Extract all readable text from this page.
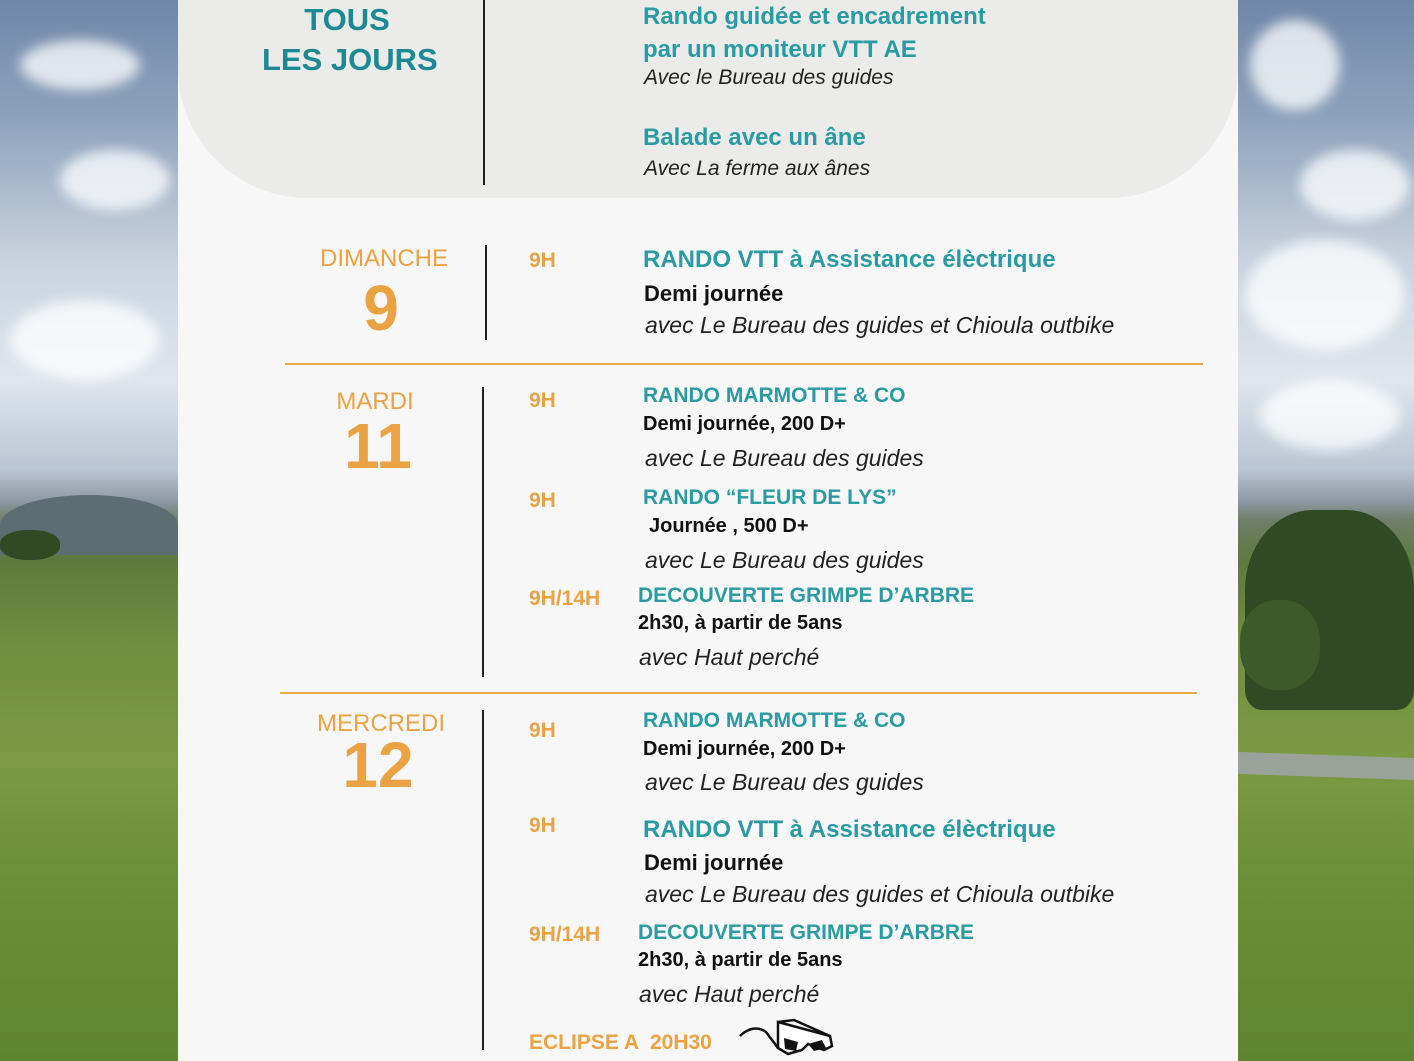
TOUS
LES JOURS
Rando guidée et encadrement
par un moniteur VTT AE
Avec le Bureau des guides
Balade avec un âne
Avec La ferme aux ânes
DIMANCHE
9
9H	RANDO VTT à Assistance élèctrique
Demi journée
avec Le Bureau des guides et Chioula outbike
MARDI
11
9H	RANDO MARMOTTE & CO
Demi journée, 200 D+
avec Le Bureau des guides
9H	RANDO “FLEUR DE LYS”
Journée , 500 D+
avec Le Bureau des guides
9H/14H DECOUVERTE GRIMPE D’ARBRE
2h30, à partir de 5ans
avec Haut perché
MERCREDI
12	9H	RANDO MARMOTTE & CO
Demi journée, 200 D+
avec Le Bureau des guides
9H	RANDO VTT à Assistance élèctrique
Demi journée
avec Le Bureau des guides et Chioula outbike
9H/14H DECOUVERTE GRIMPE D’ARBRE
2h30, à partir de 5ans
avec Haut perché
ECLIPSE A  20H30
